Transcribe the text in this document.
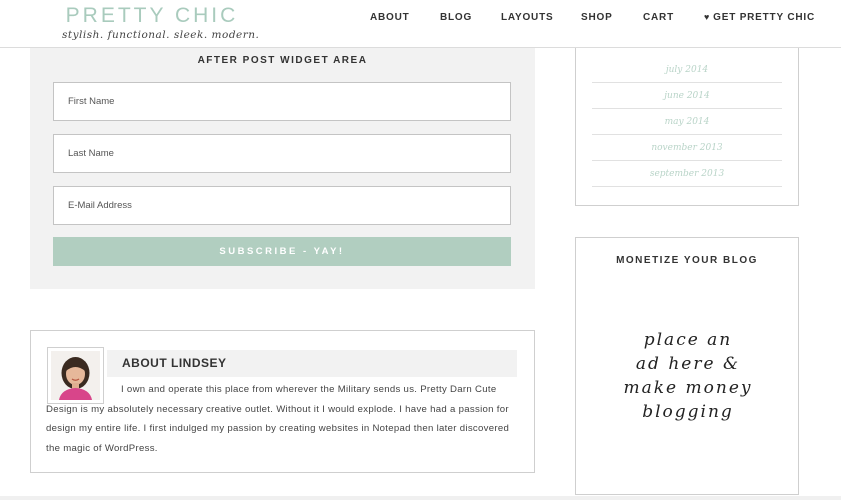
PRETTY CHIC
stylish. functional. sleek. modern.
ABOUT	BLOG	LAYOUTS	SHOP	CART	♥ GET PRETTY CHIC
AFTER POST WIDGET AREA
First Name
Last Name
E-Mail Address
SUBSCRIBE - YAY!
ABOUT LINDSEY

I own and operate this place from wherever the Military sends us. Pretty Darn Cute Design is my absolutely necessary creative outlet. Without it I would explode. I have had a passion for design my entire life. I first indulged my passion by creating websites in Notepad then later discovered the magic of WordPress.

july 2014
june 2014
may 2014
november 2013
september 2013
MONETIZE YOUR BLOG
place an
ad here &
make money
blogging
